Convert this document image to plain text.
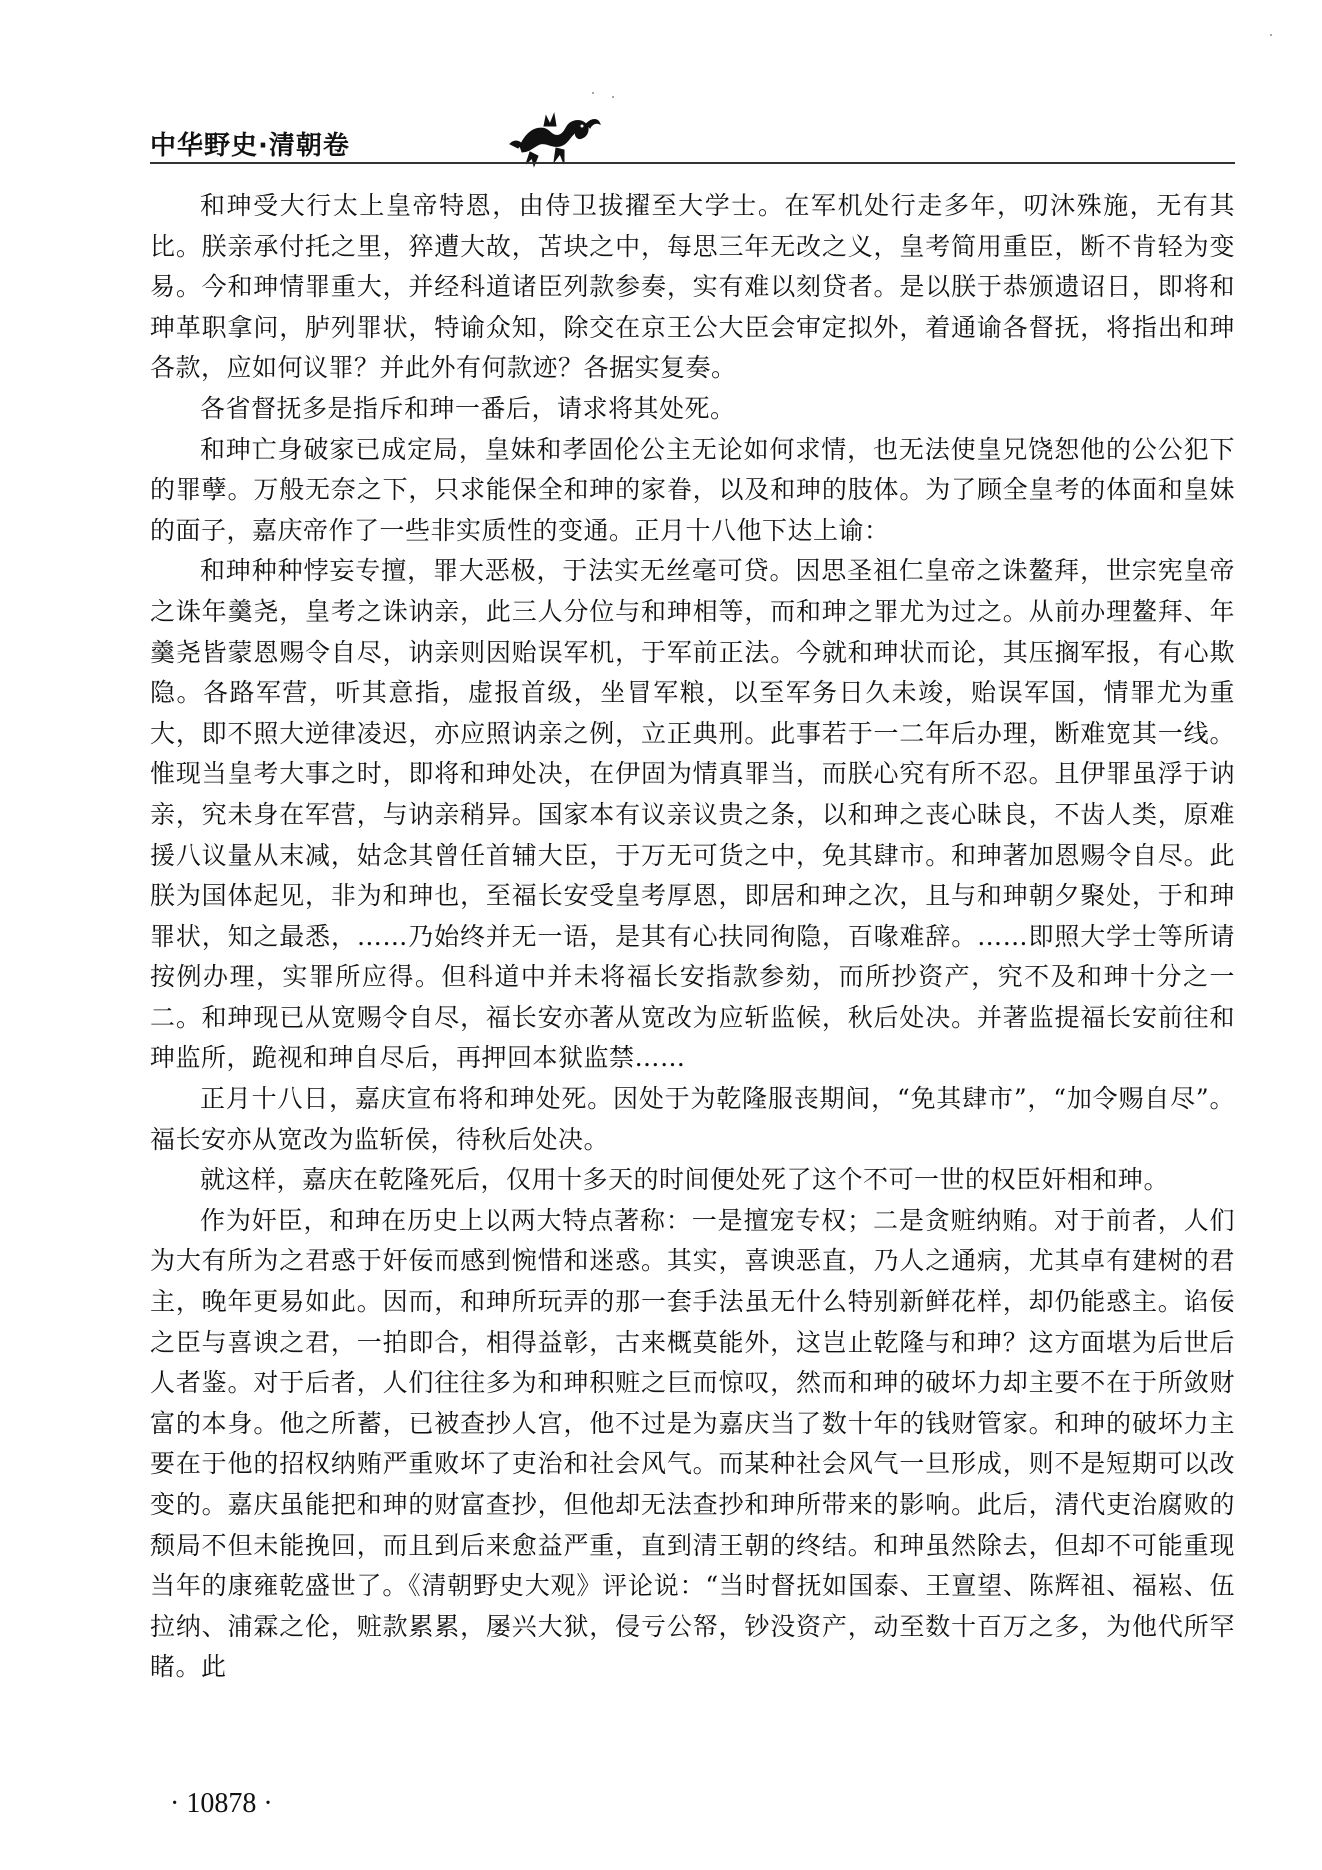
中华野史·清朝卷

和珅受大行太上皇帝特恩，由侍卫拔擢至大学士。在军机处行走多年，叨沐殊施，无有其比。朕亲承付托之里，猝遭大故，苫块之中，每思三年无改之义，皇考简用重臣，断不肯轻为变易。今和珅情罪重大，并经科道诸臣列款参奏，实有难以刻贷者。是以朕于恭颁遗诏日，即将和珅革职拿问，胪列罪状，特谕众知，除交在京王公大臣会审定拟外，着通谕各督抚，将指出和珅各款，应如何议罪？并此外有何款迹？各据实复奏。

各省督抚多是指斥和珅一番后，请求将其处死。

和珅亡身破家已成定局，皇妹和孝固伦公主无论如何求情，也无法使皇兄饶恕他的公公犯下的罪孽。万般无奈之下，只求能保全和珅的家眷，以及和珅的肢体。为了顾全皇考的体面和皇妹的面子，嘉庆帝作了一些非实质性的变通。正月十八他下达上谕：

和珅种种悖妄专擅，罪大恶极，于法实无丝毫可贷。因思圣祖仁皇帝之诛鳌拜，世宗宪皇帝之诛年羹尧，皇考之诛讷亲，此三人分位与和珅相等，而和珅之罪尤为过之。从前办理鳌拜、年羹尧皆蒙恩赐令自尽，讷亲则因贻误军机，于军前正法。今就和珅状而论，其压搁军报，有心欺隐。各路军营，听其意指，虚报首级，坐冒军粮，以至军务日久未竣，贻误军国，情罪尤为重大，即不照大逆律凌迟，亦应照讷亲之例，立正典刑。此事若于一二年后办理，断难宽其一线。惟现当皇考大事之时，即将和珅处决，在伊固为情真罪当，而朕心究有所不忍。且伊罪虽浮于讷亲，究未身在军营，与讷亲稍异。国家本有议亲议贵之条，以和珅之丧心昧良，不齿人类，原难援八议量从末减，姑念其曾任首辅大臣，于万无可货之中，免其肆市。和珅著加恩赐令自尽。此朕为国体起见，非为和珅也，至福长安受皇考厚恩，即居和珅之次，且与和珅朝夕聚处，于和珅罪状，知之最悉，……乃始终并无一语，是其有心扶同徇隐，百喙难辞。……即照大学士等所请按例办理，实罪所应得。但科道中并未将福长安指款参劾，而所抄资产，究不及和珅十分之一二。和珅现已从宽赐令自尽，福长安亦著从宽改为应斩监候，秋后处决。并著监提福长安前往和珅监所，跪视和珅自尽后，再押回本狱监禁……

正月十八日，嘉庆宣布将和珅处死。因处于为乾隆服丧期间，“免其肆市”，“加令赐自尽”。福长安亦从宽改为监斩侯，待秋后处决。

就这样，嘉庆在乾隆死后，仅用十多天的时间便处死了这个不可一世的权臣奸相和珅。

作为奸臣，和珅在历史上以两大特点著称：一是擅宠专权；二是贪赃纳贿。对于前者，人们为大有所为之君惑于奸佞而感到惋惜和迷惑。其实，喜谀恶直，乃人之通病，尤其卓有建树的君主，晚年更易如此。因而，和珅所玩弄的那一套手法虽无什么特别新鲜花样，却仍能惑主。谄佞之臣与喜谀之君，一拍即合，相得益彰，古来概莫能外，这岂止乾隆与和珅？这方面堪为后世后人者鉴。对于后者，人们往往多为和珅积赃之巨而惊叹，然而和珅的破坏力却主要不在于所敛财富的本身。他之所蓄，已被查抄人宫，他不过是为嘉庆当了数十年的钱财管家。和珅的破坏力主要在于他的招权纳贿严重败坏了吏治和社会风气。而某种社会风气一旦形成，则不是短期可以改变的。嘉庆虽能把和珅的财富查抄，但他却无法查抄和珅所带来的影响。此后，清代吏治腐败的颓局不但未能挽回，而且到后来愈益严重，直到清王朝的终结。和珅虽然除去，但却不可能重现当年的康雍乾盛世了。《清朝野史大观》评论说：“当时督抚如国泰、王亶望、陈辉祖、福崧、伍拉纳、浦霖之伦，赃款累累，屡兴大狱，侵亏公帑，钞没资产，动至数十百万之多，为他代所罕睹。此

· 10878 ·
